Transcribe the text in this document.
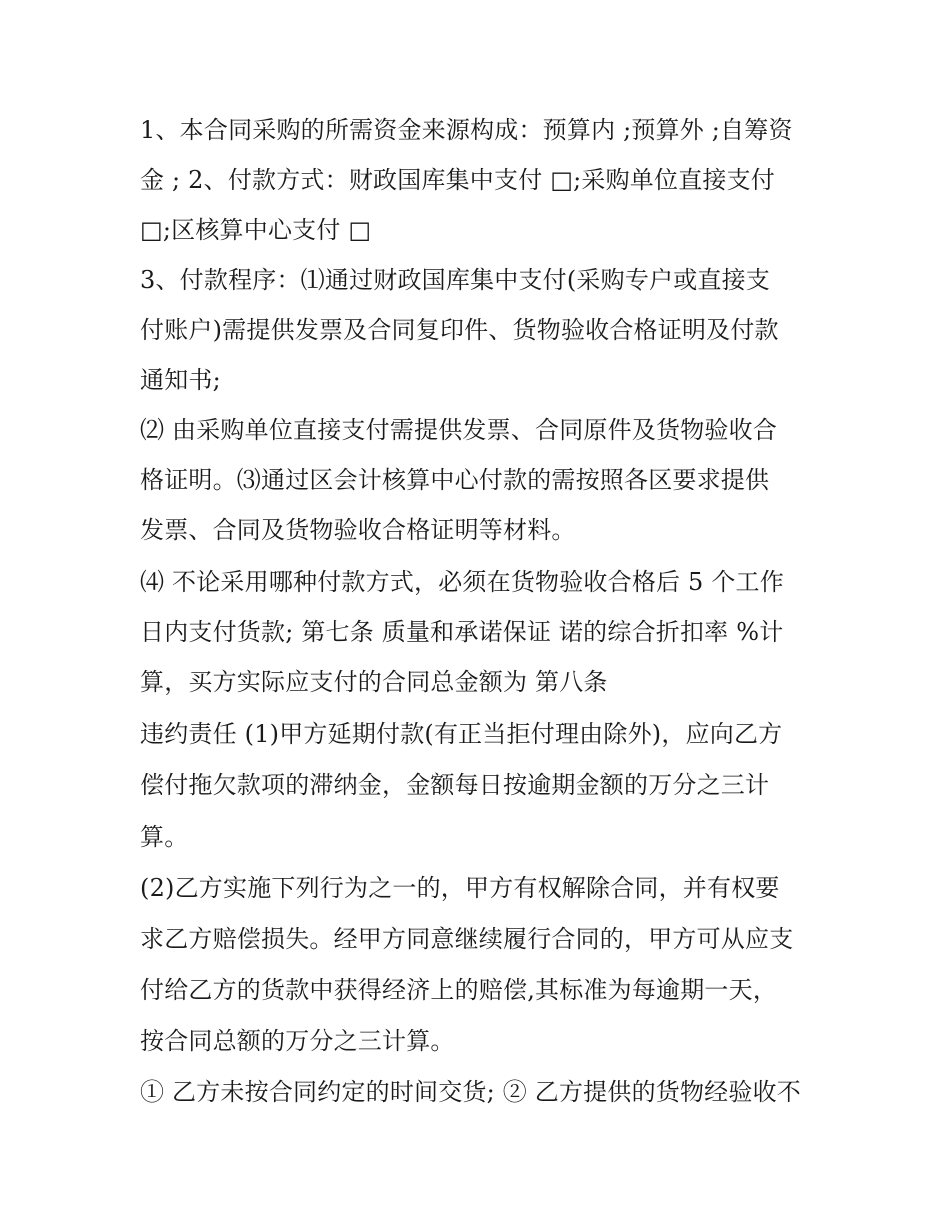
1、本合同采购的所需资金来源构成：预算内 ;预算外 ;自筹资
金 ; 2、付款方式：财政国库集中支付 □;采购单位直接支付
□;区核算中心支付 □
3、付款程序：⑴通过财政国库集中支付(采购专户或直接支
付账户)需提供发票及合同复印件、货物验收合格证明及付款
通知书;
⑵ 由采购单位直接支付需提供发票、合同原件及货物验收合
格证明。⑶通过区会计核算中心付款的需按照各区要求提供
发票、合同及货物验收合格证明等材料。
⑷ 不论采用哪种付款方式，必须在货物验收合格后 5 个工作
日内支付货款; 第七条 质量和承诺保证 诺的综合折扣率 %计
算，买方实际应支付的合同总金额为 第八条
违约责任 (1)甲方延期付款(有正当拒付理由除外)，应向乙方
偿付拖欠款项的滞纳金，金额每日按逾期金额的万分之三计
算。
(2)乙方实施下列行为之一的，甲方有权解除合同，并有权要
求乙方赔偿损失。经甲方同意继续履行合同的，甲方可从应支
付给乙方的货款中获得经济上的赔偿,其标准为每逾期一天，
按合同总额的万分之三计算。
① 乙方未按合同约定的时间交货; ② 乙方提供的货物经验收不
